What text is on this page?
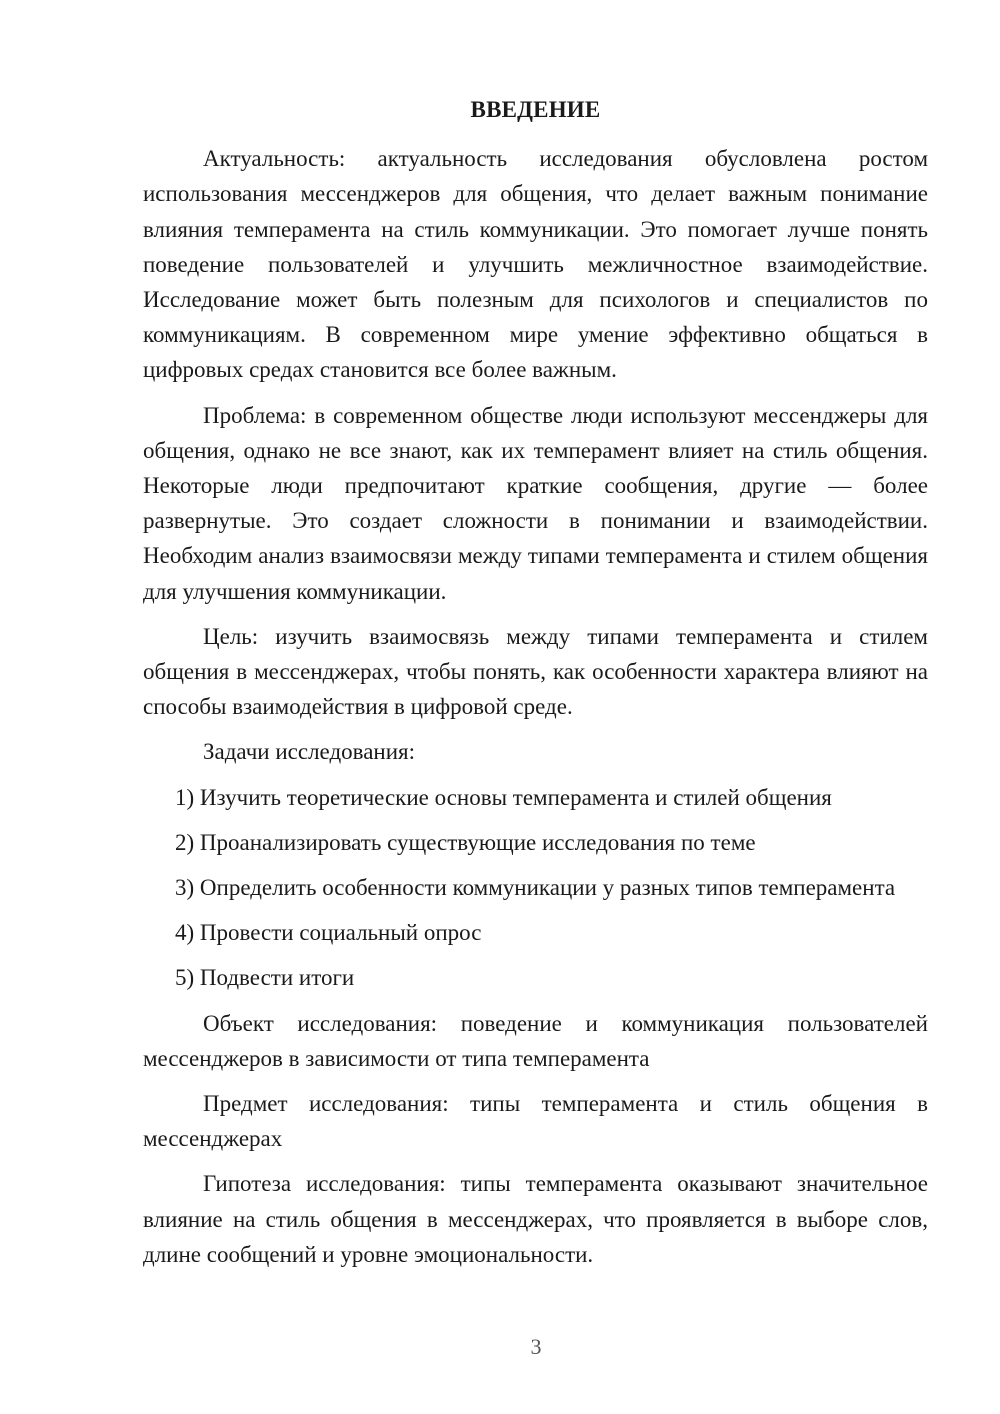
ВВЕДЕНИЕ

Актуальность: актуальность исследования обусловлена ростом использования мессенджеров для общения, что делает важным понимание влияния темперамента на стиль коммуникации. Это помогает лучше понять поведение пользователей и улучшить межличностное взаимодействие. Исследование может быть полезным для психологов и специалистов по коммуникациям. В современном мире умение эффективно общаться в цифровых средах становится все более важным.

Проблема: в современном обществе люди используют мессенджеры для общения, однако не все знают, как их темперамент влияет на стиль общения. Некоторые люди предпочитают краткие сообщения, другие — более развернутые. Это создает сложности в понимании и взаимодействии. Необходим анализ взаимосвязи между типами темперамента и стилем общения для улучшения коммуникации.

Цель: изучить взаимосвязь между типами темперамента и стилем общения в мессенджерах, чтобы понять, как особенности характера влияют на способы взаимодействия в цифровой среде.

Задачи исследования:

1) Изучить теоретические основы темперамента и стилей общения

2) Проанализировать существующие исследования по теме

3) Определить особенности коммуникации у разных типов темперамента

4) Провести социальный опрос

5) Подвести итоги

Объект исследования: поведение и коммуникация пользователей мессенджеров в зависимости от типа темперамента

Предмет исследования: типы темперамента и стиль общения в мессенджерах

Гипотеза исследования: типы темперамента оказывают значительное влияние на стиль общения в мессенджерах, что проявляется в выборе слов, длине сообщений и уровне эмоциональности.

3
